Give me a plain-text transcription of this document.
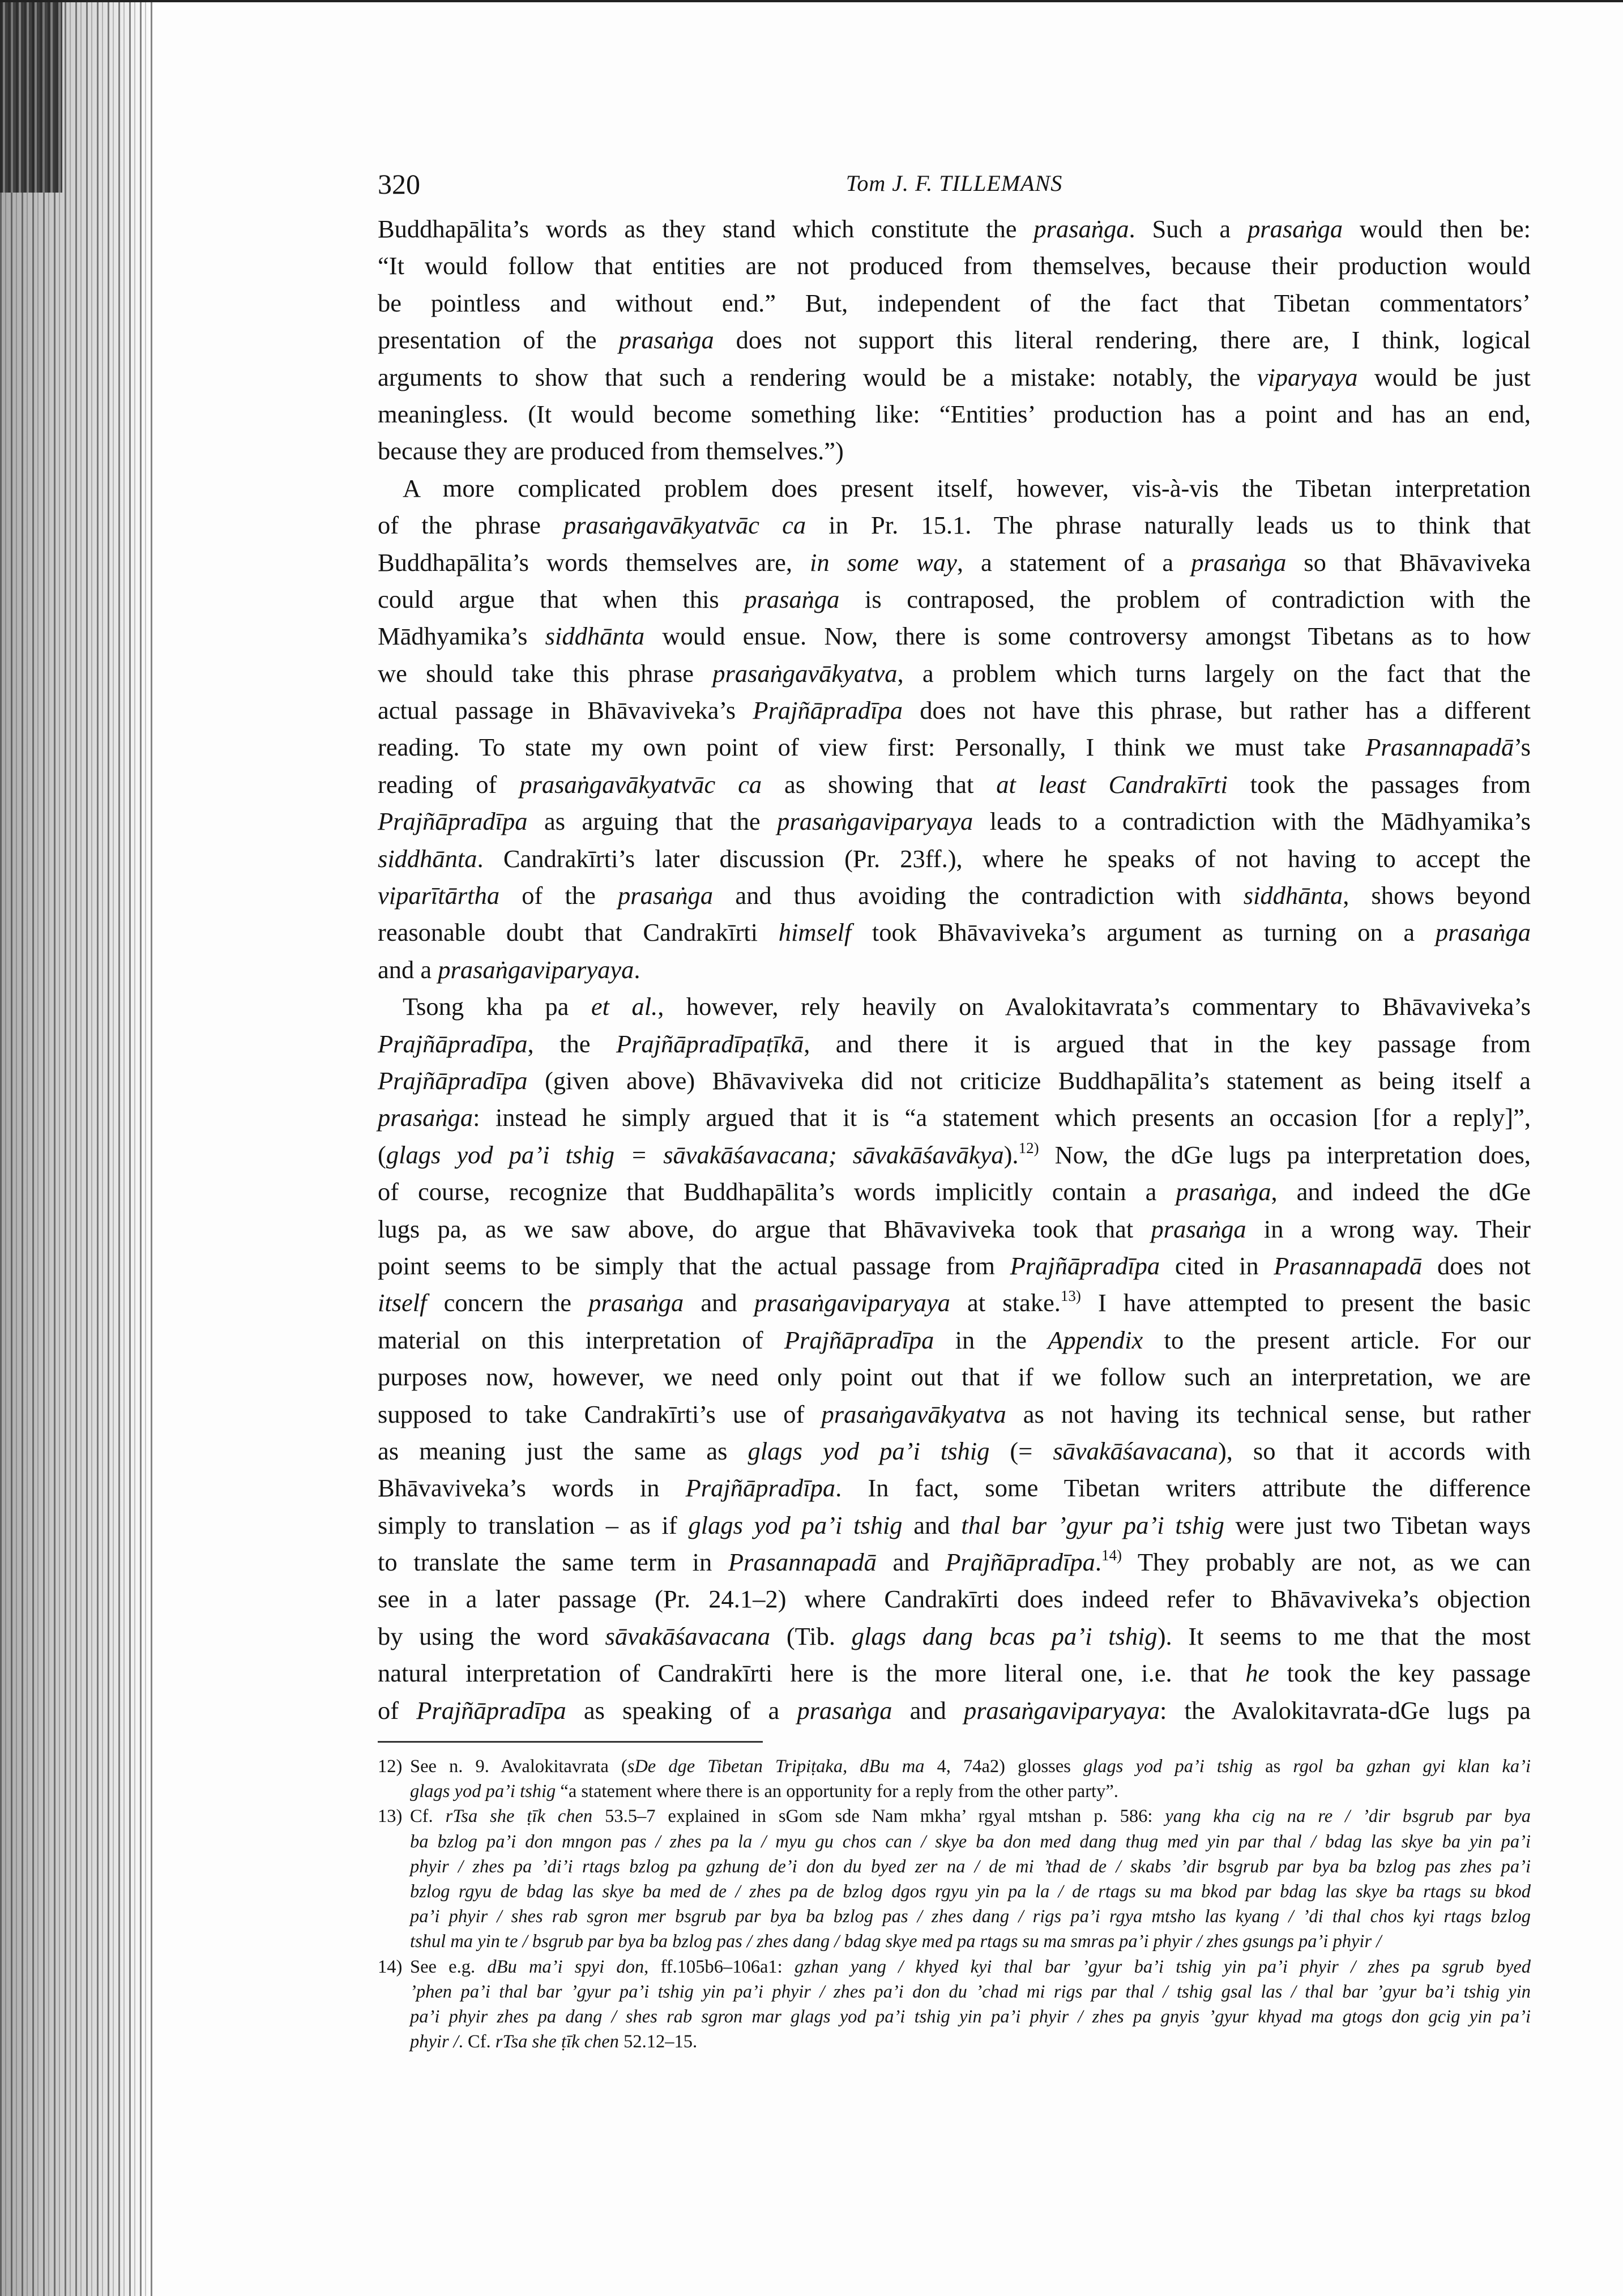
320	Tom J. F. TILLEMANS
Buddhapālita’s words as they stand which constitute the prasaṅga. Such a prasaṅga would then be:
“It would follow that entities are not produced from themselves, because their production would
be pointless and without end.” But, independent of the fact that Tibetan commentators’
presentation of the prasaṅga does not support this literal rendering, there are, I think, logical
arguments to show that such a rendering would be a mistake: notably, the viparyaya would be just
meaningless. (It would become something like: “Entities’ production has a point and has an end,
because they are produced from themselves.”)
A more complicated problem does present itself, however, vis-à-vis the Tibetan interpretation
of the phrase prasaṅgavākyatvāc ca in Pr. 15.1. The phrase naturally leads us to think that
Buddhapālita’s words themselves are, in some way, a statement of a prasaṅga so that Bhāvaviveka
could argue that when this prasaṅga is contraposed, the problem of contradiction with the
Mādhyamika’s siddhānta would ensue. Now, there is some controversy amongst Tibetans as to how
we should take this phrase prasaṅgavākyatva, a problem which turns largely on the fact that the
actual passage in Bhāvaviveka’s Prajñāpradīpa does not have this phrase, but rather has a different
reading. To state my own point of view first: Personally, I think we must take Prasannapadā’s
reading of prasaṅgavākyatvāc ca as showing that at least Candrakīrti took the passages from
Prajñāpradīpa as arguing that the prasaṅgaviparyaya leads to a contradiction with the Mādhyamika’s
siddhānta. Candrakīrti’s later discussion (Pr. 23ff.), where he speaks of not having to accept the
viparītārtha of the prasaṅga and thus avoiding the contradiction with siddhānta, shows beyond
reasonable doubt that Candrakīrti himself took Bhāvaviveka’s argument as turning on a prasaṅga
and a prasaṅgaviparyaya.
Tsong kha pa et al., however, rely heavily on Avalokitavrata’s commentary to Bhāvaviveka’s
Prajñāpradīpa, the Prajñāpradīpaṭīkā, and there it is argued that in the key passage from
Prajñāpradīpa (given above) Bhāvaviveka did not criticize Buddhapālita’s statement as being itself a
prasaṅga: instead he simply argued that it is “a statement which presents an occasion [for a reply]”,
(glags yod pa’i tshig = sāvakāśavacana; sāvakāśavākya).$^{12)}$ Now, the dGe lugs pa interpretation does,
of course, recognize that Buddhapālita’s words implicitly contain a prasaṅga, and indeed the dGe
lugs pa, as we saw above, do argue that Bhāvaviveka took that prasaṅga in a wrong way. Their
point seems to be simply that the actual passage from Prajñāpradīpa cited in Prasannapadā does not
itself concern the prasaṅga and prasaṅgaviparyaya at stake.$^{13)}$ I have attempted to present the basic
material on this interpretation of Prajñāpradīpa in the Appendix to the present article. For our
purposes now, however, we need only point out that if we follow such an interpretation, we are
supposed to take Candrakīrti’s use of prasaṅgavākyatva as not having its technical sense, but rather
as meaning just the same as glags yod pa’i tshig (= sāvakāśavacana), so that it accords with
Bhāvaviveka’s words in Prajñāpradīpa. In fact, some Tibetan writers attribute the difference
simply to translation – as if glags yod pa’i tshig and thal bar ’gyur pa’i tshig were just two Tibetan ways
to translate the same term in Prasannapadā and Prajñāpradīpa.$^{14)}$ They probably are not, as we can
see in a later passage (Pr. 24.1–2) where Candrakīrti does indeed refer to Bhāvaviveka’s objection
by using the word sāvakāśavacana (Tib. glags dang bcas pa’i tshig). It seems to me that the most
natural interpretation of Candrakīrti here is the more literal one, i.e. that he took the key passage
of Prajñāpradīpa as speaking of a prasaṅga and prasaṅgaviparyaya: the Avalokitavrata-dGe lugs pa
12) See n. 9. Avalokitavrata (sDe dge Tibetan Tripiṭaka, dBu ma 4, 74a2) glosses glags yod pa’i tshig as rgol ba gzhan gyi klan ka’i
glags yod pa’i tshig “a statement where there is an opportunity for a reply from the other party”.
13) Cf. rTsa she ṭīk chen 53.5–7 explained in sGom sde Nam mkha’ rgyal mtshan p. 586: yang kha cig na re / ’dir bsgrub par bya
ba bzlog pa’i don mngon pas / zhes pa la / myu gu chos can / skye ba don med dang thug med yin par thal / bdag las skye ba yin pa’i
phyir / zhes pa ’di’i rtags bzlog pa gzhung de’i don du byed zer na / de mi ’thad de / skabs ’dir bsgrub par bya ba bzlog pas zhes pa’i
bzlog rgyu de bdag las skye ba med de / zhes pa de bzlog dgos rgyu yin pa la / de rtags su ma bkod par bdag las skye ba rtags su bkod
pa’i phyir / shes rab sgron mer bsgrub par bya ba bzlog pas / zhes dang / rigs pa’i rgya mtsho las kyang / ’di thal chos kyi rtags bzlog
tshul ma yin te / bsgrub par bya ba bzlog pas / zhes dang / bdag skye med pa rtags su ma smras pa’i phyir / zhes gsungs pa’i phyir /
14) See e.g. dBu ma’i spyi don, ff.105b6–106a1: gzhan yang / khyed kyi thal bar ’gyur ba’i tshig yin pa’i phyir / zhes pa sgrub byed
’phen pa’i thal bar ’gyur pa’i tshig yin pa’i phyir / zhes pa’i don du ’chad mi rigs par thal / tshig gsal las / thal bar ’gyur ba’i tshig yin
pa’i phyir zhes pa dang / shes rab sgron mar glags yod pa’i tshig yin pa’i phyir / zhes pa gnyis ’gyur khyad ma gtogs don gcig yin pa’i
phyir /. Cf. rTsa she ṭīk chen 52.12–15.
